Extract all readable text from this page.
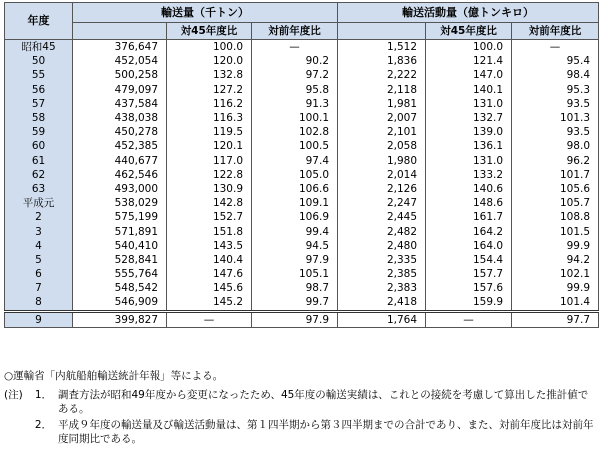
年度	輸送量（千トン）			輸送活動量（億トンキロ）		
		対45年度比	対前年度比		対45年度比	対前年度比
昭和45	376,647	100.0	—	1,512	100.0	—
50	452,054	120.0	90.2	1,836	121.4	95.4
55	500,258	132.8	97.2	2,222	147.0	98.4
56	479,097	127.2	95.8	2,118	140.1	95.3
57	437,584	116.2	91.3	1,981	131.0	93.5
58	438,038	116.3	100.1	2,007	132.7	101.3
59	450,278	119.5	102.8	2,101	139.0	93.5
60	452,385	120.1	100.5	2,058	136.1	98.0
61	440,677	117.0	97.4	1,980	131.0	96.2
62	462,546	122.8	105.0	2,014	133.2	101.7
63	493,000	130.9	106.6	2,126	140.6	105.6
平成元	538,029	142.8	109.1	2,247	148.6	105.7
2	575,199	152.7	106.9	2,445	161.7	108.8
3	571,891	151.8	99.4	2,482	164.2	101.5
4	540,410	143.5	94.5	2,480	164.0	99.9
5	528,841	140.4	97.9	2,335	154.4	94.2
6	555,764	147.6	105.1	2,385	157.7	102.1
7	548,542	145.6	98.7	2,383	157.6	99.9
8	546,909	145.2	99.7	2,418	159.9	101.4
9	399,827	—	97.9	1,764	—	97.7
○運輸省「内航船舶輸送統計年報」等による。
(注)	1． 調査方法が昭和49年度から変更になったため、45年度の輸送実績は、これとの接続を考慮して算出した推計値である。
2． 平成９年度の輸送量及び輸送活動量は、第１四半期から第３四半期までの合計であり、また、対前年度比は対前年度同期比である。
